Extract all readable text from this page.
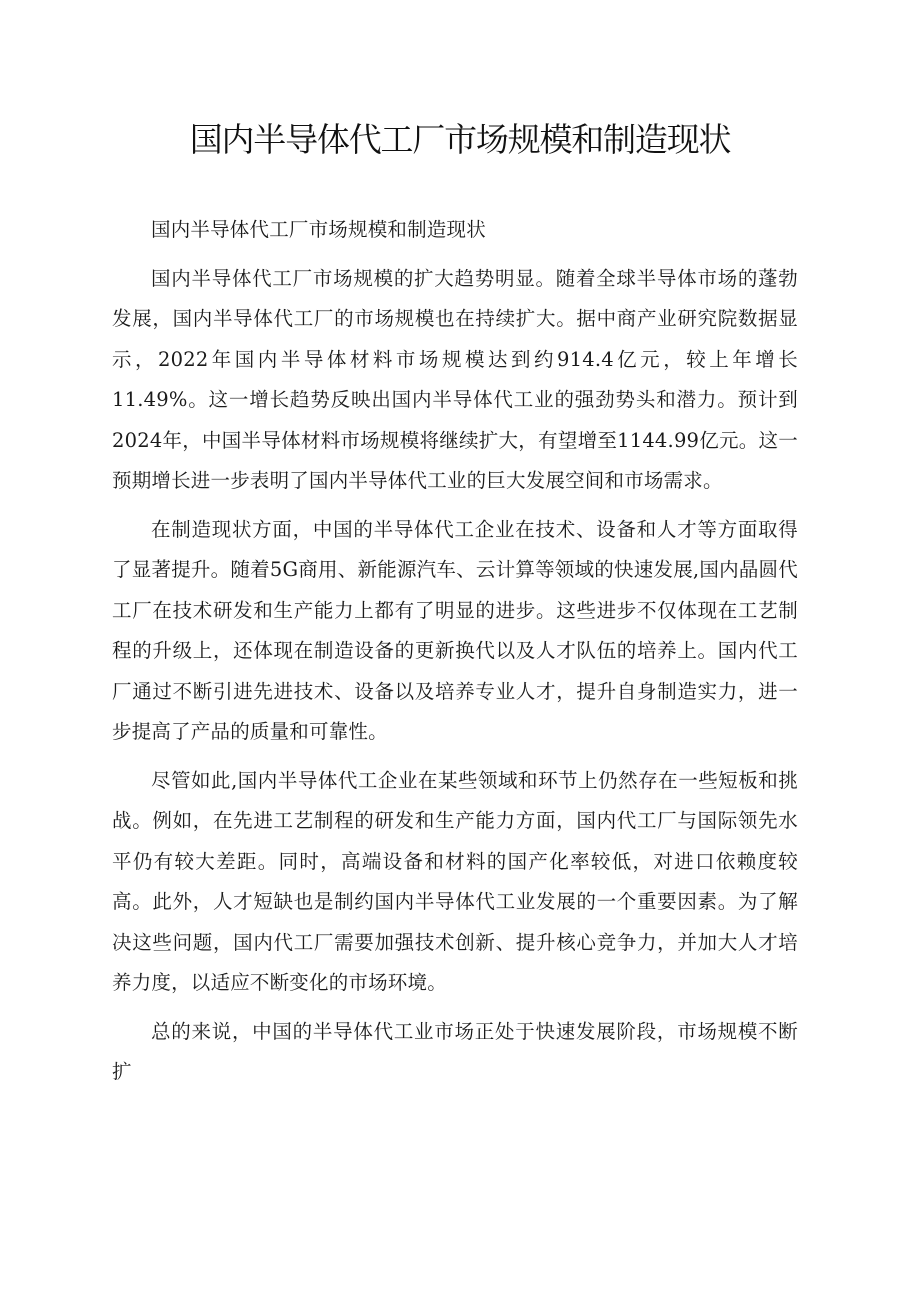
国内半导体代工厂市场规模和制造现状

国内半导体代工厂市场规模和制造现状

国内半导体代工厂市场规模的扩大趋势明显。随着全球半导体市场的蓬勃发展，国内半导体代工厂的市场规模也在持续扩大。据中商产业研究院数据显示，2022年国内半导体材料市场规模达到约914.4亿元，较上年增长11.49%。这一增长趋势反映出国内半导体代工业的强劲势头和潜力。预计到2024年，中国半导体材料市场规模将继续扩大，有望增至1144.99亿元。这一预期增长进一步表明了国内半导体代工业的巨大发展空间和市场需求。

在制造现状方面，中国的半导体代工企业在技术、设备和人才等方面取得了显著提升。随着5G商用、新能源汽车、云计算等领域的快速发展,国内晶圆代工厂在技术研发和生产能力上都有了明显的进步。这些进步不仅体现在工艺制程的升级上，还体现在制造设备的更新换代以及人才队伍的培养上。国内代工厂通过不断引进先进技术、设备以及培养专业人才，提升自身制造实力，进一步提高了产品的质量和可靠性。

尽管如此,国内半导体代工企业在某些领域和环节上仍然存在一些短板和挑战。例如，在先进工艺制程的研发和生产能力方面，国内代工厂与国际领先水平仍有较大差距。同时，高端设备和材料的国产化率较低，对进口依赖度较高。此外，人才短缺也是制约国内半导体代工业发展的一个重要因素。为了解决这些问题，国内代工厂需要加强技术创新、提升核心竞争力，并加大人才培养力度，以适应不断变化的市场环境。

总的来说，中国的半导体代工业市场正处于快速发展阶段，市场规模不断扩
